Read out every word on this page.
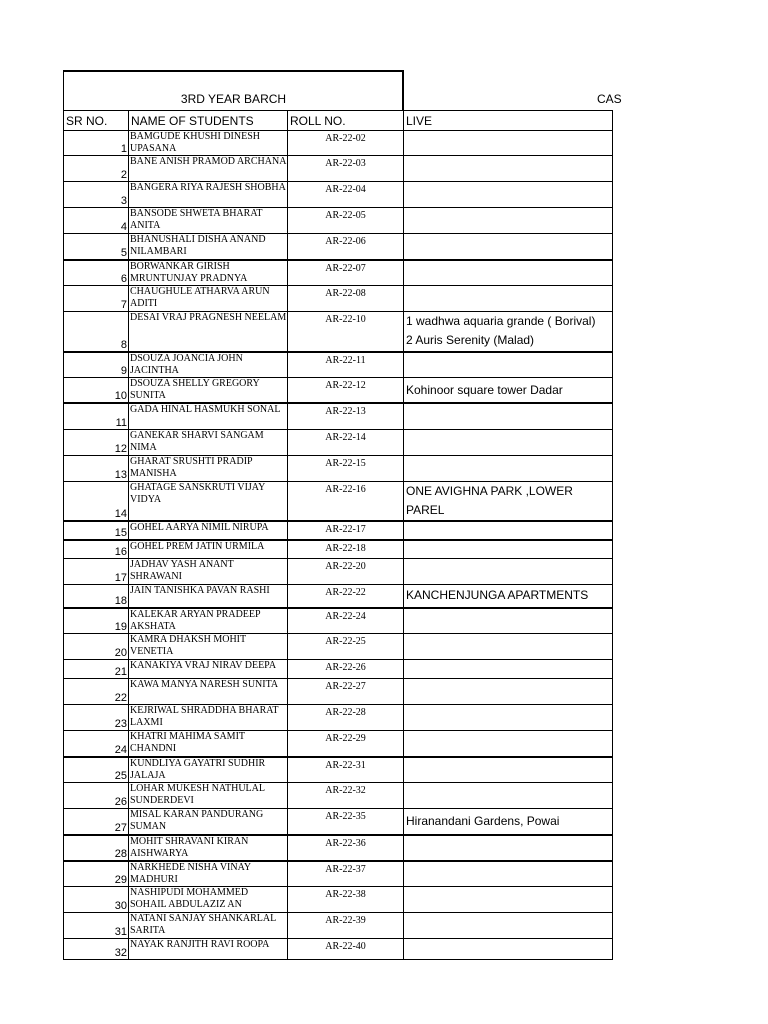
3RD YEAR BARCH	CAS
SR NO.	NAME OF STUDENTS	ROLL NO.	LIVE
1	BAMGUDE KHUSHI DINESH UPASANA	AR-22-02	
2	BANE ANISH PRAMOD ARCHANA	AR-22-03	
3	BANGERA RIYA RAJESH SHOBHA	AR-22-04	
4	BANSODE SHWETA BHARAT ANITA	AR-22-05	
5	BHANUSHALI DISHA ANAND NILAMBARI	AR-22-06	
6	BORWANKAR GIRISH MRUNTUNJAY PRADNYA	AR-22-07	
7	CHAUGHULE ATHARVA ARUN ADITI	AR-22-08	
8	DESAI VRAJ PRAGNESH NEELAM	AR-22-10	1 wadhwa aquaria grande ( Borival)
2 Auris Serenity (Malad)

9	DSOUZA JOANCIA JOHN JACINTHA	AR-22-11	
10	DSOUZA SHELLY GREGORY SUNITA	AR-22-12	Kohinoor square tower Dadar

11	GADA HINAL HASMUKH SONAL	AR-22-13	
12	GANEKAR SHARVI SANGAM NIMA	AR-22-14	
13	GHARAT SRUSHTI PRADIP MANISHA	AR-22-15	
14	GHATAGE SANSKRUTI VIJAY VIDYA	AR-22-16	ONE AVIGHNA PARK ,LOWER PAREL

15	GOHEL AARYA NIMIL NIRUPA	AR-22-17	
16	GOHEL PREM JATIN URMILA	AR-22-18	
17	JADHAV YASH ANANT SHRAWANI	AR-22-20	
18	JAIN TANISHKA PAVAN RASHI	AR-22-22	KANCHENJUNGA APARTMENTS

19	KALEKAR ARYAN PRADEEP AKSHATA	AR-22-24	
20	KAMRA DHAKSH MOHIT VENETIA	AR-22-25	
21	KANAKIYA VRAJ NIRAV DEEPA	AR-22-26	
22	KAWA MANYA NARESH SUNITA	AR-22-27	
23	KEJRIWAL SHRADDHA BHARAT LAXMI	AR-22-28	
24	KHATRI MAHIMA SAMIT CHANDNI	AR-22-29	
25	KUNDLIYA GAYATRI SUDHIR JALAJA	AR-22-31	
26	LOHAR MUKESH NATHULAL SUNDERDEVI	AR-22-32	
27	MISAL KARAN PANDURANG SUMAN	AR-22-35	Hiranandani Gardens, Powai

28	MOHIT SHRAVANI KIRAN AISHWARYA	AR-22-36	
29	NARKHEDE NISHA VINAY MADHURI	AR-22-37	
30	NASHIPUDI MOHAMMED SOHAIL ABDULAZIZ AN	AR-22-38	
31	NATANI SANJAY SHANKARLAL SARITA	AR-22-39	
32	NAYAK RANJITH RAVI ROOPA	AR-22-40	
